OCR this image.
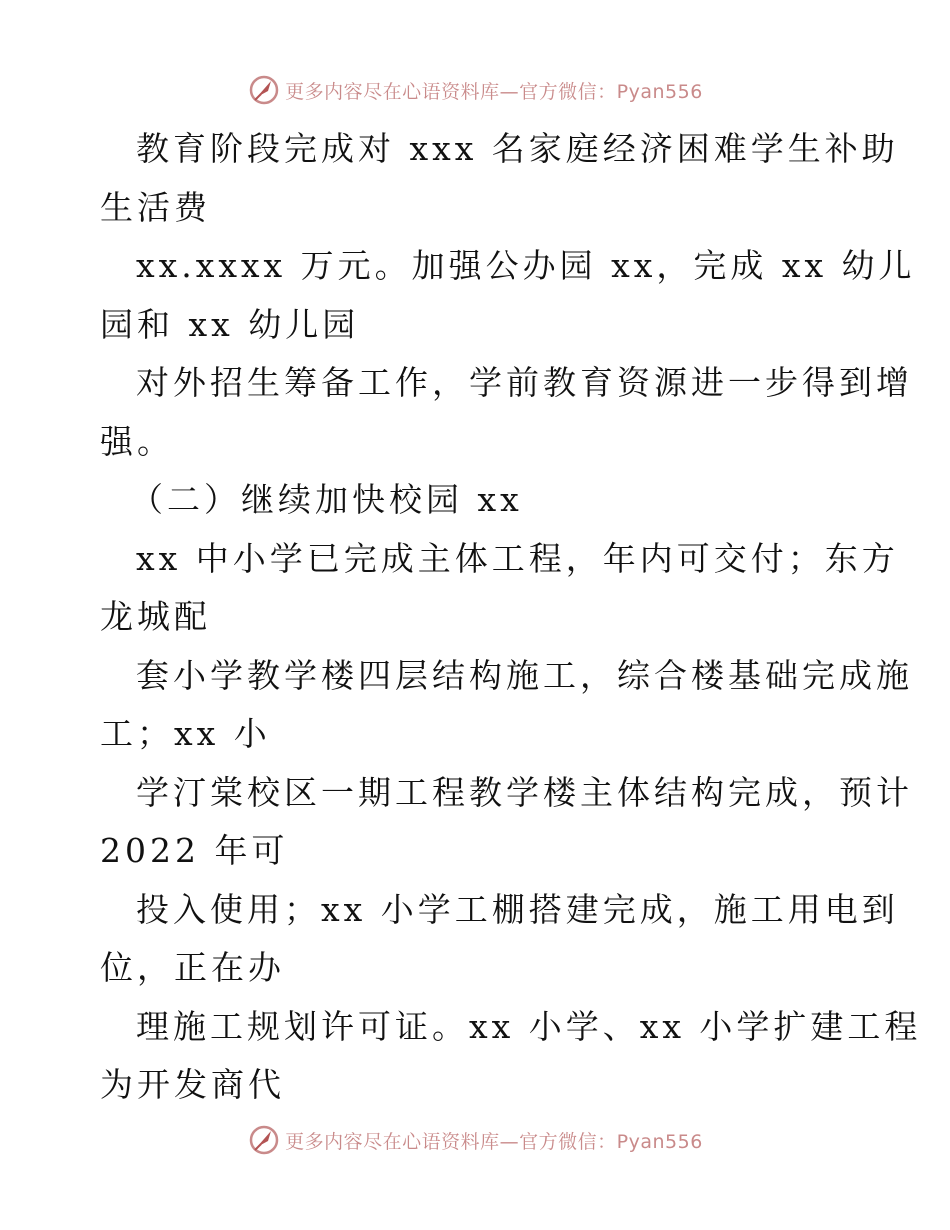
更多内容尽在心语资料库—官方微信：Pyan556
教育阶段完成对 xxx 名家庭经济困难学生补助
生活费
xx.xxxx 万元。加强公办园 xx，完成 xx 幼儿
园和 xx 幼儿园
对外招生筹备工作，学前教育资源进一步得到增
强。
（二）继续加快校园 xx
xx 中小学已完成主体工程，年内可交付；东方
龙城配
套小学教学楼四层结构施工，综合楼基础完成施
工；xx 小
学汀棠校区一期工程教学楼主体结构完成，预计
2022 年可
投入使用；xx 小学工棚搭建完成，施工用电到
位，正在办
理施工规划许可证。xx 小学、xx 小学扩建工程
为开发商代
更多内容尽在心语资料库—官方微信：Pyan556
